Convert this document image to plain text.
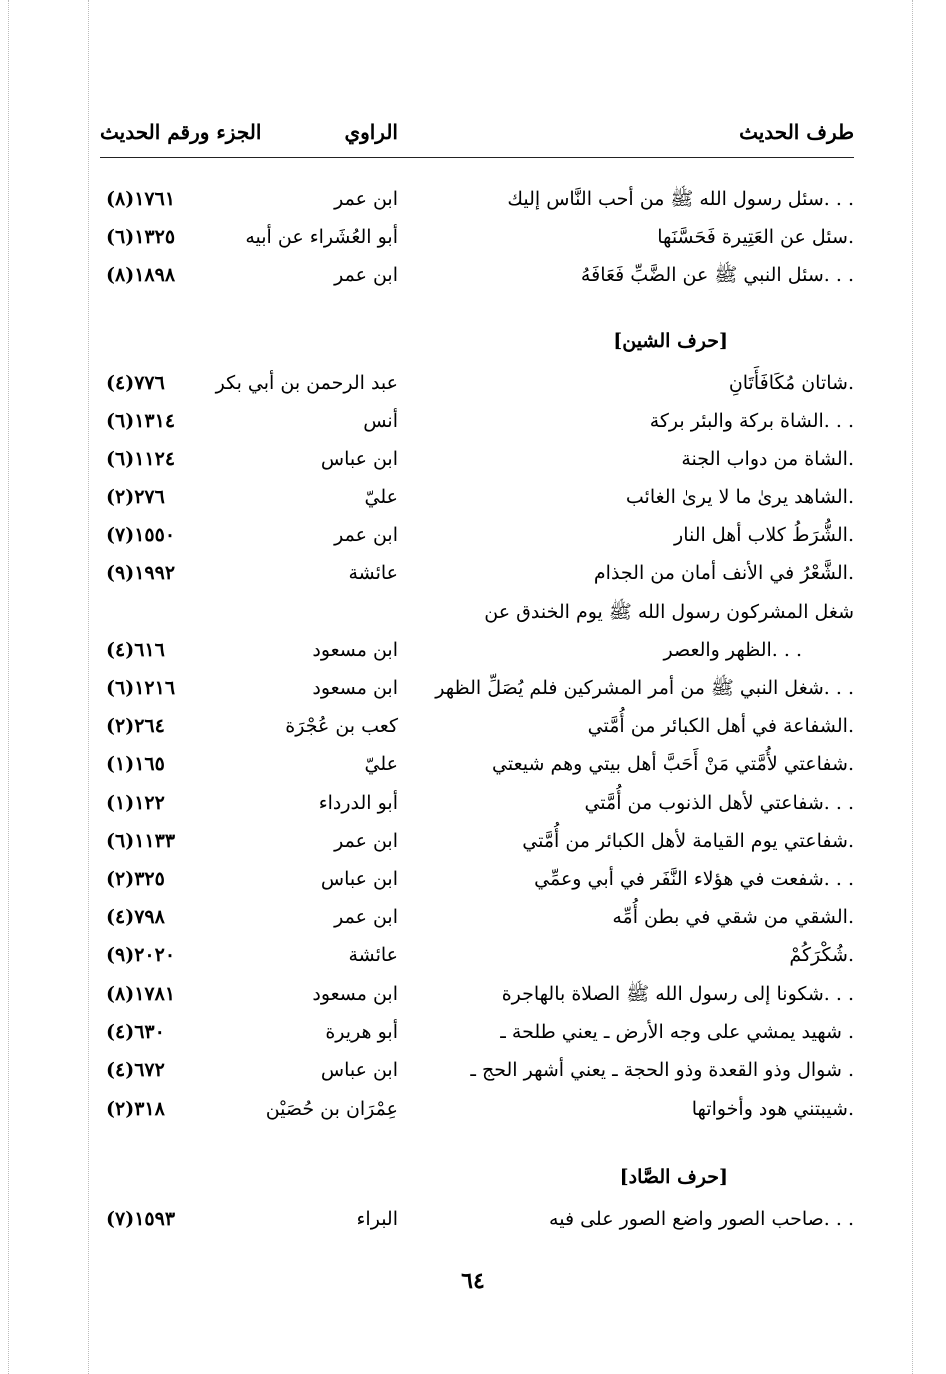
طرف الحديث
الراوي
الجزء ورقم الحديث
سئل رسول الله ﷺ من أحب النَّاس إليك. . .
ابن عمر
(٨)١٧٦١
سئل عن العَتِيرة فَحَسَّنَها.
أبو العُشَراء عن أبيه
(٦)١٣٢٥
سئل النبي ﷺ عن الضَّبِّ فَعَافَهُ. . .
ابن عمر
(٨)١٨٩٨
[حرف الشين]
شاتان مُكَافَأَتَانِ.
عبد الرحمن بن أبي بكر
(٤)٧٧٦
الشاة بركة والبئر بركة. . .
أنس
(٦)١٣١٤
الشاة من دواب الجنة.
ابن عباس
(٦)١١٢٤
الشاهد يرىٰ ما لا يرىٰ الغائب.
عليّ
(٢)٢٧٦
الشُّرَطُ كلاب أهل النار.
ابن عمر
(٧)١٥٥٠
الشَّعْرُ في الأنف أمان من الجذام.
عائشة
(٩)١٩٩٢
شغل المشركون رسول الله ﷺ يوم الخندق عن
الظهر والعصر. . .
ابن مسعود
(٤)٦١٦
شغل النبي ﷺ من أمر المشركين فلم يُصَلِّ الظهر. . .
ابن مسعود
(٦)١٢١٦
الشفاعة في أهل الكبائر من أُمَّتي.
كعب بن عُجْرَة
(٢)٢٦٤
شفاعتي لأُمَّتي مَنْ أَحَبَّ أهل بيتي وهم شيعتي.
عليّ
(١)١٦٥
شفاعتي لأهل الذنوب من أُمَّتي. . .
أبو الدرداء
(١)١٢٢
شفاعتي يوم القيامة لأهل الكبائر من أُمَّتي.
ابن عمر
(٦)١١٣٣
شفعت في هؤلاء النَّفَر في أبي وعمِّي. . .
ابن عباس
(٢)٣٢٥
الشقي من شقي في بطن أُمِّه.
ابن عمر
(٤)٧٩٨
شُكْرَكُمْ.
عائشة
(٩)٢٠٢٠
شكونا إلى رسول الله ﷺ الصلاة بالهاجرة. . .
ابن مسعود
(٨)١٧٨١
شهيد يمشي على وجه الأرض ـ يعني طلحة ـ .
أبو هريرة
(٤)٦٣٠
شوال وذو القعدة وذو الحجة ـ يعني أشهر الحج ـ .
ابن عباس
(٤)٦٧٢
شيبتني هود وأخواتها.
عِمْرَان بن حُصَيْن
(٢)٣١٨
[حرف الصَّاد]
صاحب الصور واضع الصور على فيه. . .
البراء
(٧)١٥٩٣
٦٤
